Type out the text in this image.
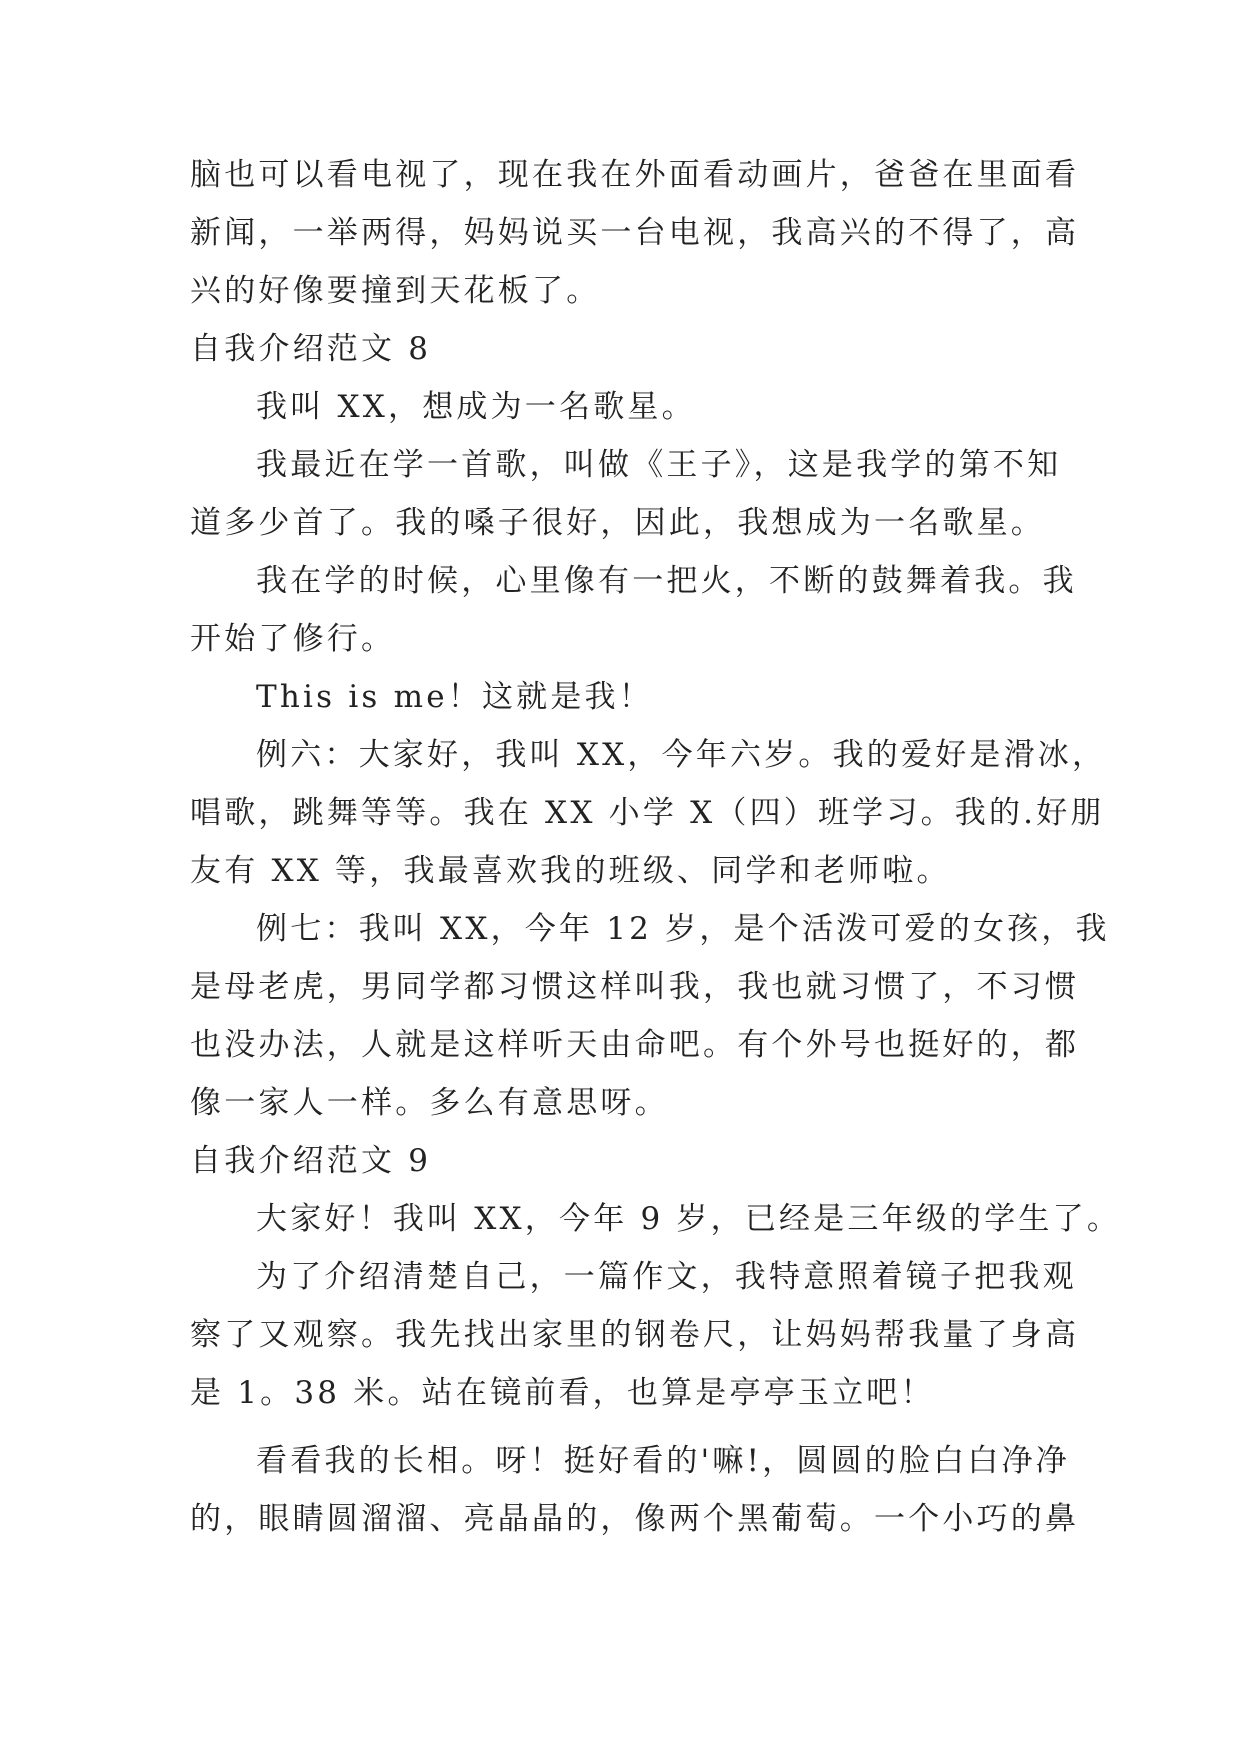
脑也可以看电视了，现在我在外面看动画片，爸爸在里面看
新闻，一举两得，妈妈说买一台电视，我高兴的不得了，高
兴的好像要撞到天花板了。
自我介绍范文 8
我叫 XX，想成为一名歌星。
我最近在学一首歌，叫做《王子》，这是我学的第不知
道多少首了。我的嗓子很好，因此，我想成为一名歌星。
我在学的时候，心里像有一把火，不断的鼓舞着我。我
开始了修行。
This is me！这就是我！
例六：大家好，我叫 XX，今年六岁。我的爱好是滑冰，
唱歌，跳舞等等。我在 XX 小学 X（四）班学习。我的.好朋
友有 XX 等，我最喜欢我的班级、同学和老师啦。
例七：我叫 XX，今年 12 岁，是个活泼可爱的女孩，我
是母老虎，男同学都习惯这样叫我，我也就习惯了，不习惯
也没办法，人就是这样听天由命吧。有个外号也挺好的，都
像一家人一样。多么有意思呀。
自我介绍范文 9
大家好！我叫 XX，今年 9 岁，已经是三年级的学生了。
为了介绍清楚自己，一篇作文，我特意照着镜子把我观
察了又观察。我先找出家里的钢卷尺，让妈妈帮我量了身高
是 1。38 米。站在镜前看，也算是亭亭玉立吧！
看看我的长相。呀！挺好看的'嘛!，圆圆的脸白白净净
的，眼睛圆溜溜、亮晶晶的，像两个黑葡萄。一个小巧的鼻
